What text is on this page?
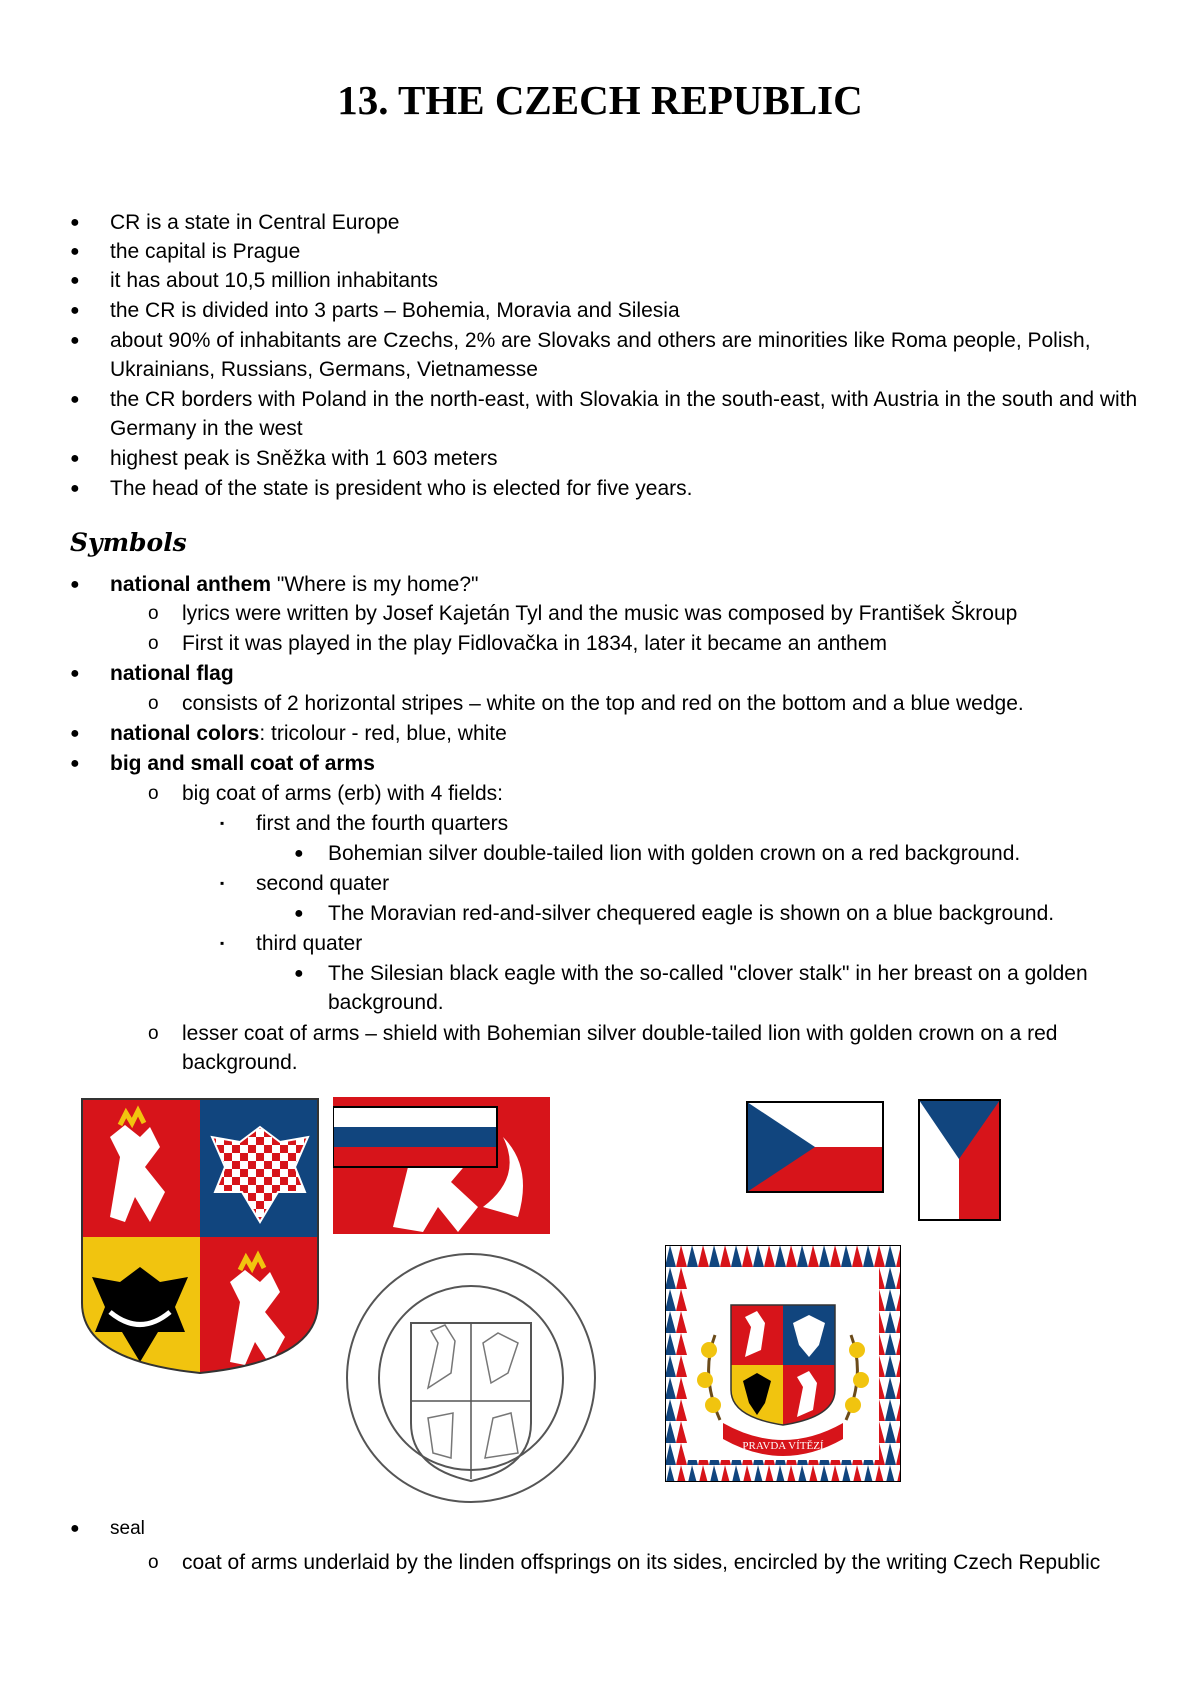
13. THE CZECH REPUBLIC
● CR is a state in Central Europe
● the capital is Prague
● it has about 10,5 million inhabitants
● the CR is divided into 3 parts – Bohemia, Moravia and Silesia
● about 90% of inhabitants are Czechs, 2% are Slovaks and others are minorities like Roma people, Polish, Ukrainians, Russians, Germans, Vietnamesse
● the CR borders with Poland in the north-east, with Slovakia in the south-east, with Austria in the south and with Germany in the west
● highest peak is Sněžka with 1 603 meters
● The head of the state is president who is elected for five years.
Symbols
● national anthem "Where is my home?"
o lyrics were written by Josef Kajetán Tyl and the music was composed by František Škroup
o First it was played in the play Fidlovačka in 1834, later it became an anthem
● national flag
o consists of 2 horizontal stripes – white on the top and red on the bottom and a blue wedge.
● national colors: tricolour - red, blue, white
● big and small coat of arms
o big coat of arms (erb) with 4 fields:
▪ first and the fourth quarters
● Bohemian silver double-tailed lion with golden crown on a red background.
▪ second quater
● The Moravian red-and-silver chequered eagle is shown on a blue background.
▪ third quater
● The Silesian black eagle with the so-called "clover stalk" in her breast on a golden background.
o lesser coat of arms – shield with Bohemian silver double-tailed lion with golden crown on a red background.
PRAVDA VÍTĚZÍ
● seal
o coat of arms underlaid by the linden offsprings on its sides, encircled by the writing Czech Republic
